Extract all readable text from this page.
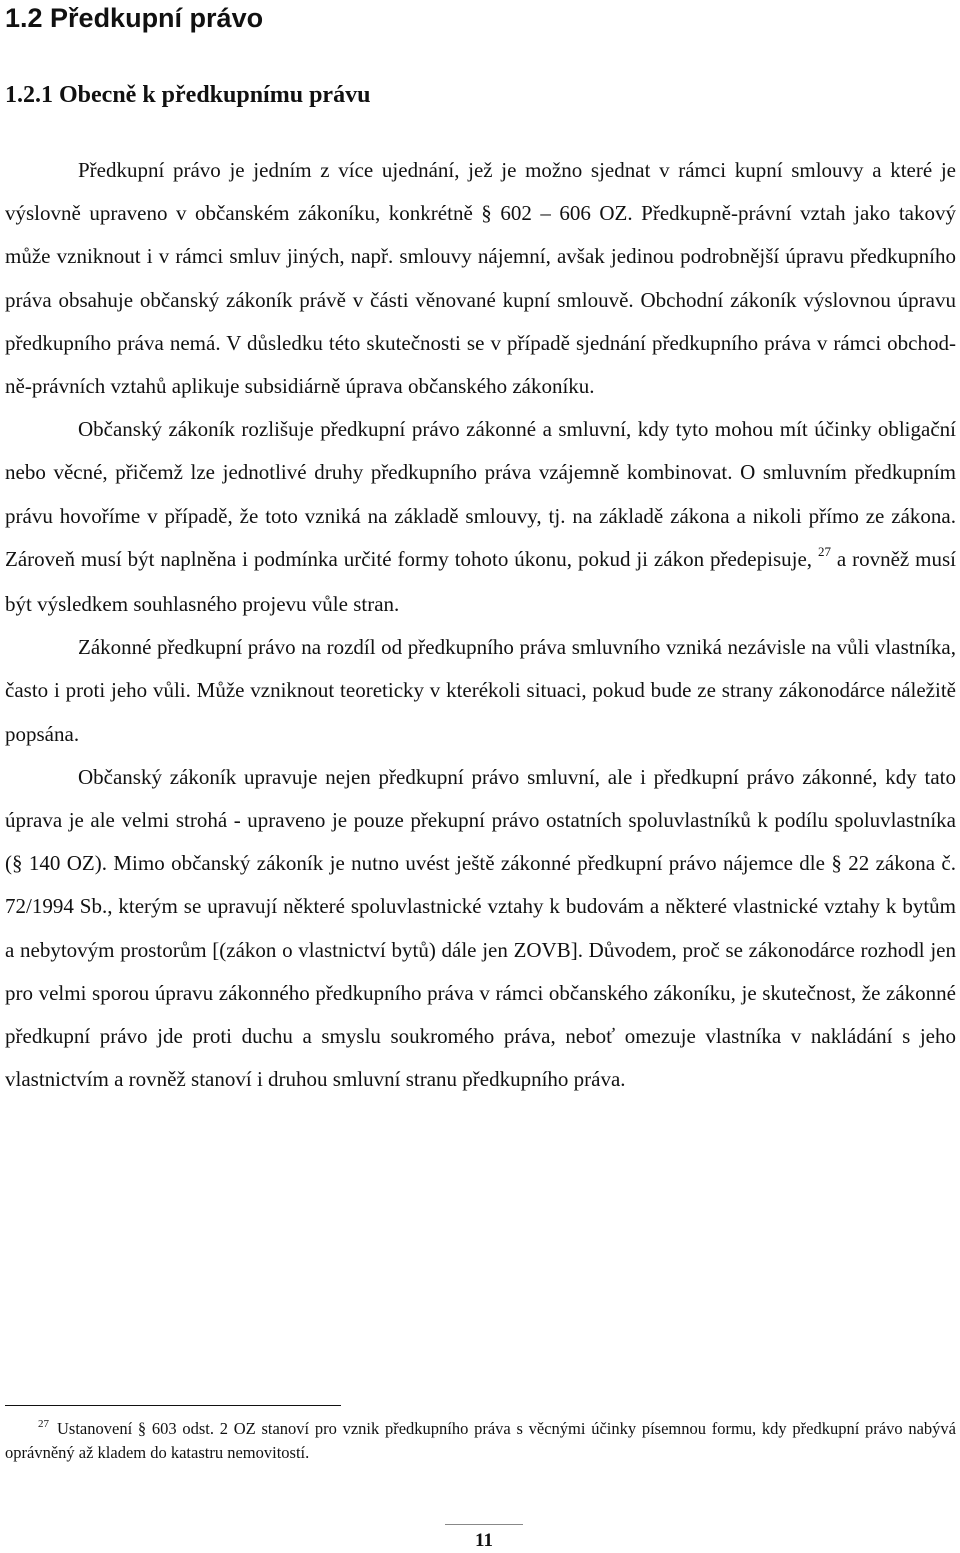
1.2 Předkupní právo
1.2.1 Obecně k předkupnímu právu

Předkupní právo je jedním z více ujednání, jež je možno sjednat v rámci kupní smlouvy a které je výslovně upraveno v občanském zákoníku, konkrétně § 602 – 606 OZ. Předkupně-právní vztah jako takový může vzniknout i v rámci smluv jiných, např. smlouvy nájemní, avšak jedinou podrobnější úpravu předkupního práva obsahuje občanský zákoník právě v části věnované kupní smlouvě. Obchodní zákoník výslovnou úpravu předkupního práva nemá. V důsledku této skutečnosti se v případě sjednání předkupního práva v rámci obchodně-právních vztahů aplikuje subsidiárně úprava občanského zákoníku.

Občanský zákoník rozlišuje předkupní právo zákonné a smluvní, kdy tyto mohou mít účinky obligační nebo věcné, přičemž lze jednotlivé druhy předkupního práva vzájemně kombinovat. O smluvním předkupním právu hovoříme v případě, že toto vzniká na základě smlouvy, tj. na základě zákona a nikoli přímo ze zákona. Zároveň musí být naplněna i podmínka určité formy tohoto úkonu, pokud ji zákon předepisuje, $^{27}$ a rovněž musí být výsledkem souhlasného projevu vůle stran.

Zákonné předkupní právo na rozdíl od předkupního práva smluvního vzniká nezávisle na vůli vlastníka, často i proti jeho vůli. Může vzniknout teoreticky v kterékoli situaci, pokud bude ze strany zákonodárce náležitě popsána.

Občanský zákoník upravuje nejen předkupní právo smluvní, ale i předkupní právo zákonné, kdy tato úprava je ale velmi strohá - upraveno je pouze překupní právo ostatních spoluvlastníků k podílu spoluvlastníka (§ 140 OZ). Mimo občanský zákoník je nutno uvést ještě zákonné předkupní právo nájemce dle § 22 zákona č. 72/1994 Sb., kterým se upravují některé spoluvlastnické vztahy k budovám a některé vlastnické vztahy k bytům a nebytovým prostorům [(zákon o vlastnictví bytů) dále jen ZOVB]. Důvodem, proč se zákonodárce rozhodl jen pro velmi sporou úpravu zákonného předkupního práva v rámci občanského zákoníku, je skutečnost, že zákonné předkupní právo jde proti duchu a smyslu soukromého práva, neboť omezuje vlastníka v nakládání s jeho vlastnictvím a rovněž stanoví i druhou smluvní stranu předkupního práva.

$^{27}$ Ustanovení § 603 odst. 2 OZ stanoví pro vznik předkupního práva s věcnými účinky písemnou formu, kdy předkupní právo nabývá oprávněný až kladem do katastru nemovitostí.
11
